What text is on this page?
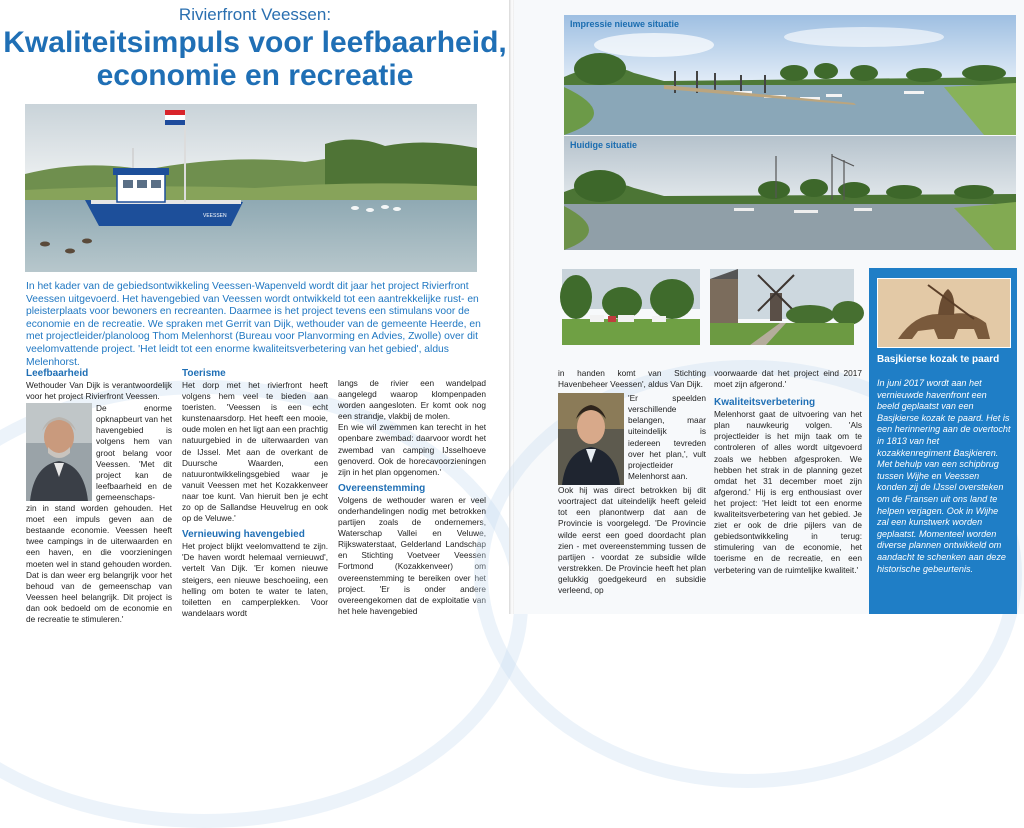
Rivierfront Veessen:
Kwaliteitsimpuls voor leefbaarheid,
economie en recreatie
VEESSEN
In het kader van de gebiedsontwikkeling Veessen-Wapenveld wordt dit jaar het project Rivierfront Veessen uitgevoerd. Het havengebied van Veessen wordt ontwikkeld tot een aantrekkelijke rust- en pleisterplaats voor bewoners en recreanten. Daarmee is het project tevens een stimulans voor de economie en de recreatie. We spraken met Gerrit van Dijk, wethouder van de gemeente Heerde, en met projectleider/planoloog Thom Melenhorst (Bureau voor Planvorming en Advies, Zwolle) over dit veelomvattende project. 'Het leidt tot een enorme kwaliteitsverbetering van het gebied', aldus Melenhorst.
Leefbaarheid

Wethouder Van Dijk is verantwoordelijk voor het project Rivierfront Veessen.

De enorme opknapbeurt van het havengebied is volgens hem van groot belang voor Veessen. 'Met dit project kan de leefbaarheid en de gemeenschaps-

zin in stand worden gehouden. Het moet een impuls geven aan de bestaande economie. Veessen heeft twee campings in de uiterwaarden en een haven, en die voorzieningen moeten wel in stand gehouden worden. Dat is dan weer erg belangrijk voor het behoud van de gemeenschap van Veessen heel belangrijk. Dit project is dan ook bedoeld om de economie en de recreatie te stimuleren.'

Toerisme

Het dorp met het rivierfront heeft volgens hem veel te bieden aan toeristen. 'Veessen is een echt kunstenaarsdorp. Het heeft een mooie, oude molen en het ligt aan een prachtig natuurgebied in de uiterwaarden van de IJssel. Met aan de overkant de Duursche Waarden, een natuurontwikkelingsgebied waar je vanuit Veessen met het Kozakkenveer naar toe kunt. Van hieruit ben je echt zo op de Sallandse Heuvelrug en ook op de Veluwe.'

Vernieuwing havengebied

Het project blijkt veelomvattend te zijn. 'De haven wordt helemaal vernieuwd', vertelt Van Dijk. 'Er komen nieuwe steigers, een nieuwe beschoeiing, een helling om boten te water te laten, toiletten en camperplekken. Voor wandelaars wordt

langs de rivier een wandelpad aangelegd waarop klompenpaden worden aangesloten. Er komt ook nog een strandje, vlakbij de molen.

En wie wil zwemmen kan terecht in het openbare zwembad: daarvoor wordt het zwembad van camping IJsselhoeve genoverd. Ook de horecavoorzieningen zijn in het plan opgenomen.'

Overeenstemming

Volgens de wethouder waren er veel onderhandelingen nodig met betrokken partijen zoals de ondernemers, Waterschap Vallei en Veluwe, Rijkswaterstaat, Gelderland Landschap en Stichting Voetveer Veessen Fortmond (Kozakkenveer) om overeenstemming te bereiken over het project. 'Er is onder andere overeengekomen dat de exploitatie van het hele havengebied

Impressie nieuwe situatie
Huidige situatie

in handen komt van Stichting Havenbeheer Veessen', aldus Van Dijk.

'Er speelden verschillende belangen, maar uiteindelijk is iedereen tevreden over het plan,', vult projectleider Melenhorst aan.

Ook hij was direct betrokken bij dit voortraject dat uiteindelijk heeft geleid tot een planontwerp dat aan de Provincie is voorgelegd. 'De Provincie wilde eerst een goed doordacht plan zien - met overeenstemming tussen de partijen - voordat ze subsidie wilde verstrekken. De Provincie heeft het plan gelukkig goedgekeurd en subsidie verleend, op

voorwaarde dat het project eind 2017 moet zijn afgerond.'

Kwaliteitsverbetering

Melenhorst gaat de uitvoering van het plan nauwkeurig volgen. 'Als projectleider is het mijn taak om te controleren of alles wordt uitgevoerd zoals we hebben afgesproken. We hebben het strak in de planning gezet omdat het 31 december moet zijn afgerond.' Hij is erg enthousiast over het project: 'Het leidt tot een enorme kwaliteitsverbetering van het gebied. Je ziet er ook de drie pijlers van de gebiedsontwikkeling in terug: stimulering van de economie, het toerisme en de recreatie, en een verbetering van de ruimtelijke kwaliteit.'

Basjkierse kozak te paard
In juni 2017 wordt aan het vernieuwde havenfront een beeld geplaatst van een Basjkierse kozak te paard. Het is een herinnering aan de overtocht in 1813 van het kozakkenregiment Basjkieren. Met behulp van een schipbrug tussen Wijhe en Veessen konden zij de IJssel oversteken om de Fransen uit ons land te helpen verjagen. Ook in Wijhe zal een kunstwerk worden geplaatst. Momenteel worden diverse plannen ontwikkeld om aandacht te schenken aan deze historische gebeurtenis.
